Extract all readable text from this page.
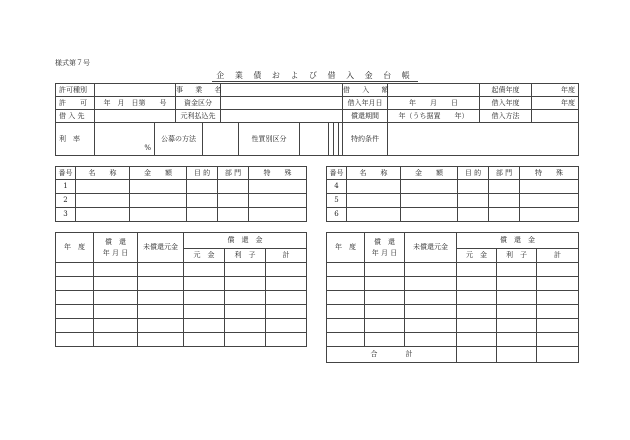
様式第７号
企 業 債 お よ び 借 入 金 台 帳
許可種別			事 業 名								借 入 額		起債年度	年度
許　　可	年　月　日第　　号		資金区分								借入年月日	年　　月　　日	借入年度	年度
借 入 先			元利払込先								償還期間	年（うち据置　　年）	借入方法	
利　率	%	公募の方法				性質別区分					特約条件			
番号	名　　称	金　　額	目 的	部 門	特　　殊
1					
2					
3					
番号	名　　称	金　　額	目 的	部 門	特　　殊
4					
5					
6					
年　度	償　還
年 月 日	未償還元金	償　還　金		
			元　金	利　子	計

年　度	償　還
年 月 日	未償還元金	償　還　金		
			元　金	利　子	計

合　　　　計					
